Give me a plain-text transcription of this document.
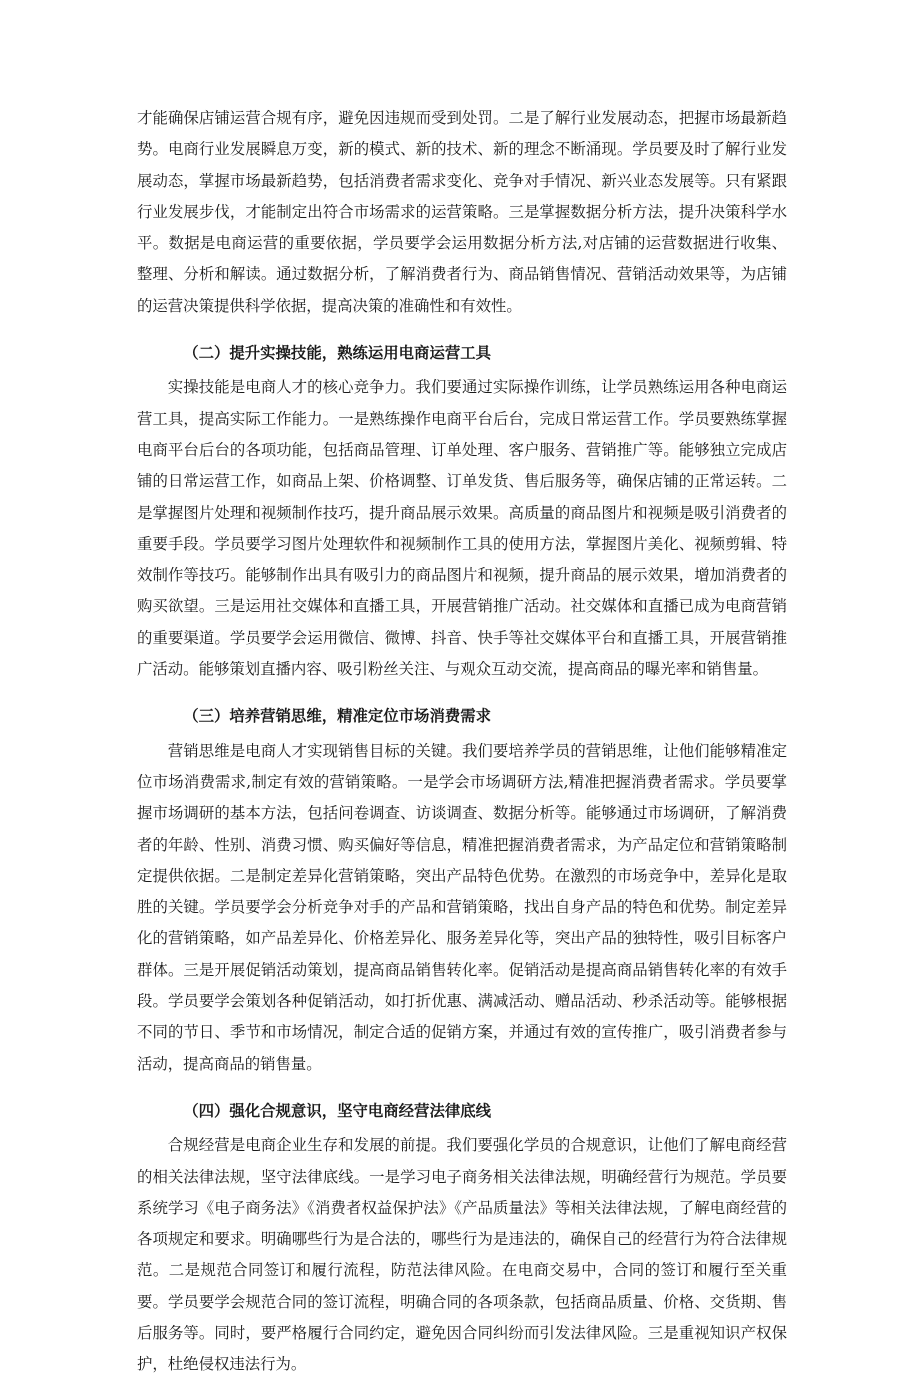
才能确保店铺运营合规有序，避免因违规而受到处罚。二是了解行业发展动态，把握市场最新趋势。电商行业发展瞬息万变，新的模式、新的技术、新的理念不断涌现。学员要及时了解行业发展动态，掌握市场最新趋势，包括消费者需求变化、竞争对手情况、新兴业态发展等。只有紧跟行业发展步伐，才能制定出符合市场需求的运营策略。三是掌握数据分析方法，提升决策科学水平。数据是电商运营的重要依据，学员要学会运用数据分析方法,对店铺的运营数据进行收集、整理、分析和解读。通过数据分析，了解消费者行为、商品销售情况、营销活动效果等，为店铺的运营决策提供科学依据，提高决策的准确性和有效性。

（二）提升实操技能，熟练运用电商运营工具

实操技能是电商人才的核心竞争力。我们要通过实际操作训练，让学员熟练运用各种电商运营工具，提高实际工作能力。一是熟练操作电商平台后台，完成日常运营工作。学员要熟练掌握电商平台后台的各项功能，包括商品管理、订单处理、客户服务、营销推广等。能够独立完成店铺的日常运营工作，如商品上架、价格调整、订单发货、售后服务等，确保店铺的正常运转。二是掌握图片处理和视频制作技巧，提升商品展示效果。高质量的商品图片和视频是吸引消费者的重要手段。学员要学习图片处理软件和视频制作工具的使用方法，掌握图片美化、视频剪辑、特效制作等技巧。能够制作出具有吸引力的商品图片和视频，提升商品的展示效果，增加消费者的购买欲望。三是运用社交媒体和直播工具，开展营销推广活动。社交媒体和直播已成为电商营销的重要渠道。学员要学会运用微信、微博、抖音、快手等社交媒体平台和直播工具，开展营销推广活动。能够策划直播内容、吸引粉丝关注、与观众互动交流，提高商品的曝光率和销售量。

（三）培养营销思维，精准定位市场消费需求

营销思维是电商人才实现销售目标的关键。我们要培养学员的营销思维，让他们能够精准定位市场消费需求,制定有效的营销策略。一是学会市场调研方法,精准把握消费者需求。学员要掌握市场调研的基本方法，包括问卷调查、访谈调查、数据分析等。能够通过市场调研，了解消费者的年龄、性别、消费习惯、购买偏好等信息，精准把握消费者需求，为产品定位和营销策略制定提供依据。二是制定差异化营销策略，突出产品特色优势。在激烈的市场竞争中，差异化是取胜的关键。学员要学会分析竞争对手的产品和营销策略，找出自身产品的特色和优势。制定差异化的营销策略，如产品差异化、价格差异化、服务差异化等，突出产品的独特性，吸引目标客户群体。三是开展促销活动策划，提高商品销售转化率。促销活动是提高商品销售转化率的有效手段。学员要学会策划各种促销活动，如打折优惠、满减活动、赠品活动、秒杀活动等。能够根据不同的节日、季节和市场情况，制定合适的促销方案，并通过有效的宣传推广，吸引消费者参与活动，提高商品的销售量。

（四）强化合规意识，坚守电商经营法律底线

合规经营是电商企业生存和发展的前提。我们要强化学员的合规意识，让他们了解电商经营的相关法律法规，坚守法律底线。一是学习电子商务相关法律法规，明确经营行为规范。学员要系统学习《电子商务法》《消费者权益保护法》《产品质量法》等相关法律法规，了解电商经营的各项规定和要求。明确哪些行为是合法的，哪些行为是违法的，确保自己的经营行为符合法律规范。二是规范合同签订和履行流程，防范法律风险。在电商交易中，合同的签订和履行至关重要。学员要学会规范合同的签订流程，明确合同的各项条款，包括商品质量、价格、交货期、售后服务等。同时，要严格履行合同约定，避免因合同纠纷而引发法律风险。三是重视知识产权保护，杜绝侵权违法行为。
